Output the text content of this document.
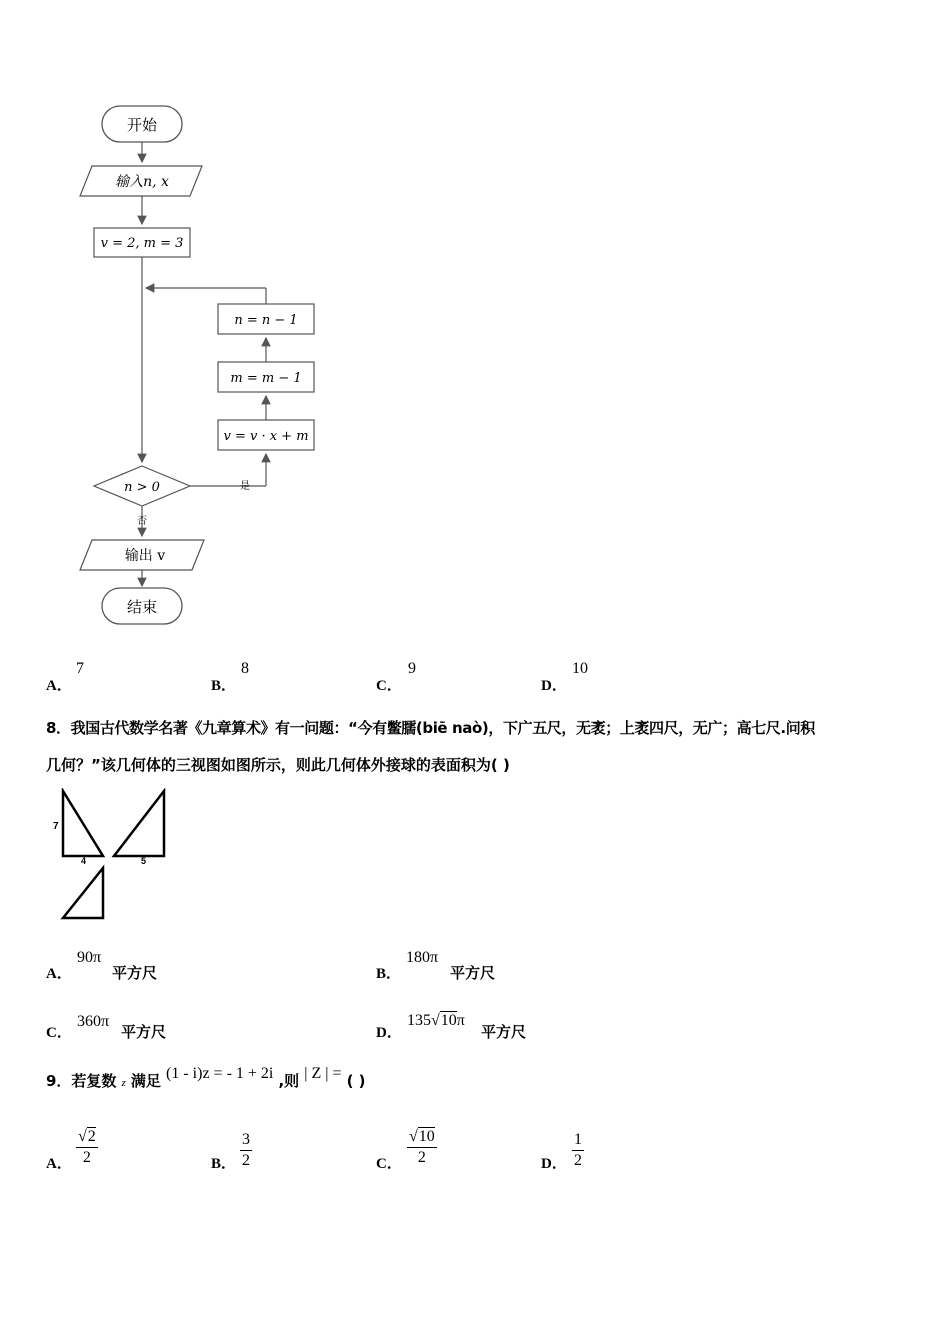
开始
输入n, x
v = 2, m = 3
n = n − 1
m = m − 1
v = v · x + m
n > 0	是
否
输出 v
结束
A．
7
B．
8
C．
9
D．
10
8．我国古代数学名著《九章算术》有一问题：“今有鳖臑(biē naò)，下广五尺，无袤；上袤四尺，无广；高七尺.问积
几何？”该几何体的三视图如图所示，则此几何体外接球的表面积为( )
7
4	5
A．
90π
平方尺	B．
180π
平方尺
C．
360π
平方尺	D．
135√10π
平方尺
9．若复数 z 满足 (1 - i)z = - 1 + 2i ,则 | Z | = ( )
A． $\frac{√2}{2}$	B． $\frac{3}{2}$	C． $\frac{√10}{2}$	D． $\frac{1}{2}$
